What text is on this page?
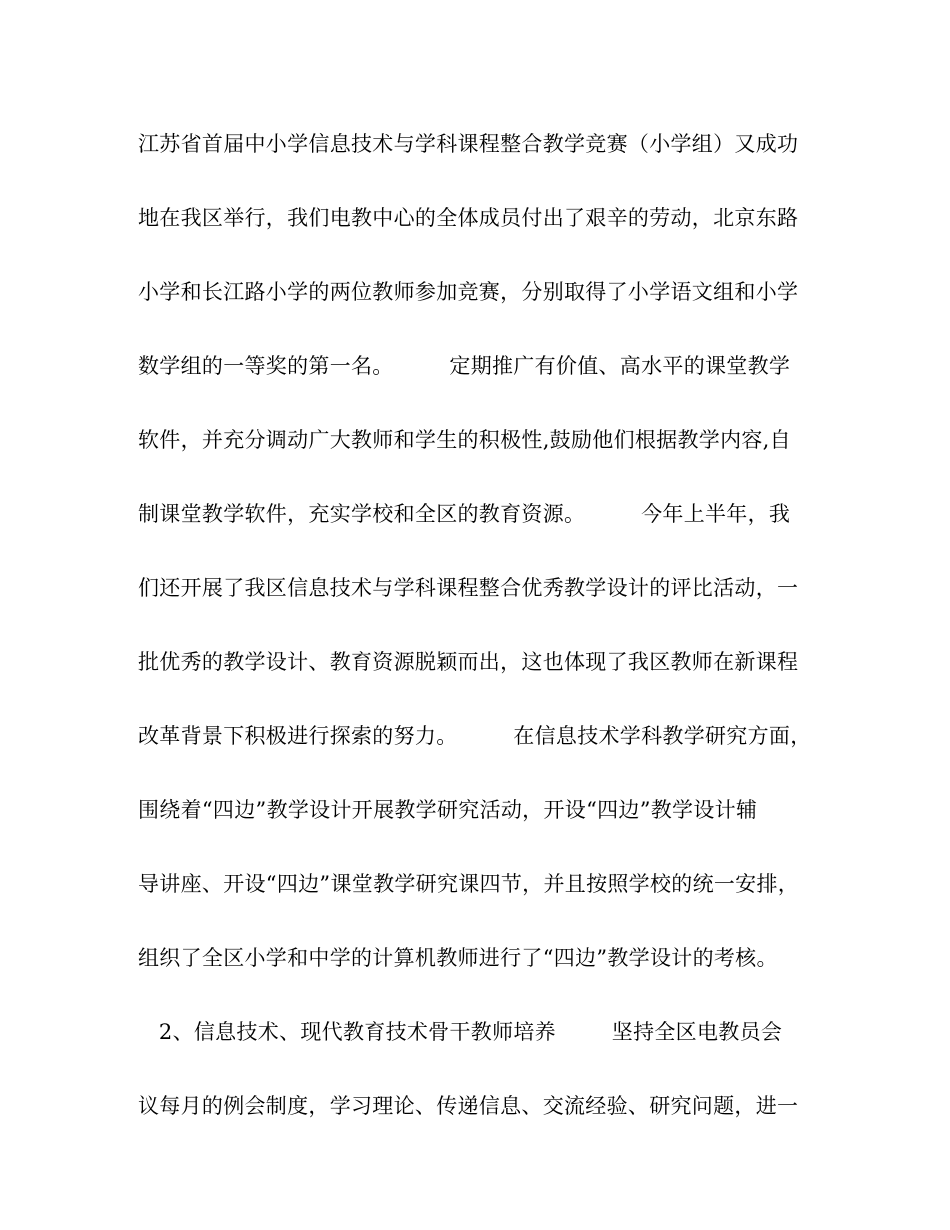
江苏省首届中小学信息技术与学科课程整合教学竞赛（小学组）又成功
地在我区举行，我们电教中心的全体成员付出了艰辛的劳动，北京东路
小学和长江路小学的两位教师参加竞赛，分别取得了小学语文组和小学
数学组的一等奖的第一名。        定期推广有价值、高水平的课堂教学
软件，并充分调动广大教师和学生的积极性,鼓励他们根据教学内容,自
制课堂教学软件，充实学校和全区的教育资源。        今年上半年，我
们还开展了我区信息技术与学科课程整合优秀教学设计的评比活动，一
批优秀的教学设计、教育资源脱颖而出，这也体现了我区教师在新课程
改革背景下积极进行探索的努力。        在信息技术学科教学研究方面，
围绕着“四边”教学设计开展教学研究活动，开设“四边”教学设计辅
导讲座、开设“四边”课堂教学研究课四节，并且按照学校的统一安排，
组织了全区小学和中学的计算机教师进行了“四边”教学设计的考核。
2、信息技术、现代教育技术骨干教师培养        坚持全区电教员会
议每月的例会制度，学习理论、传递信息、交流经验、研究问题，进一
